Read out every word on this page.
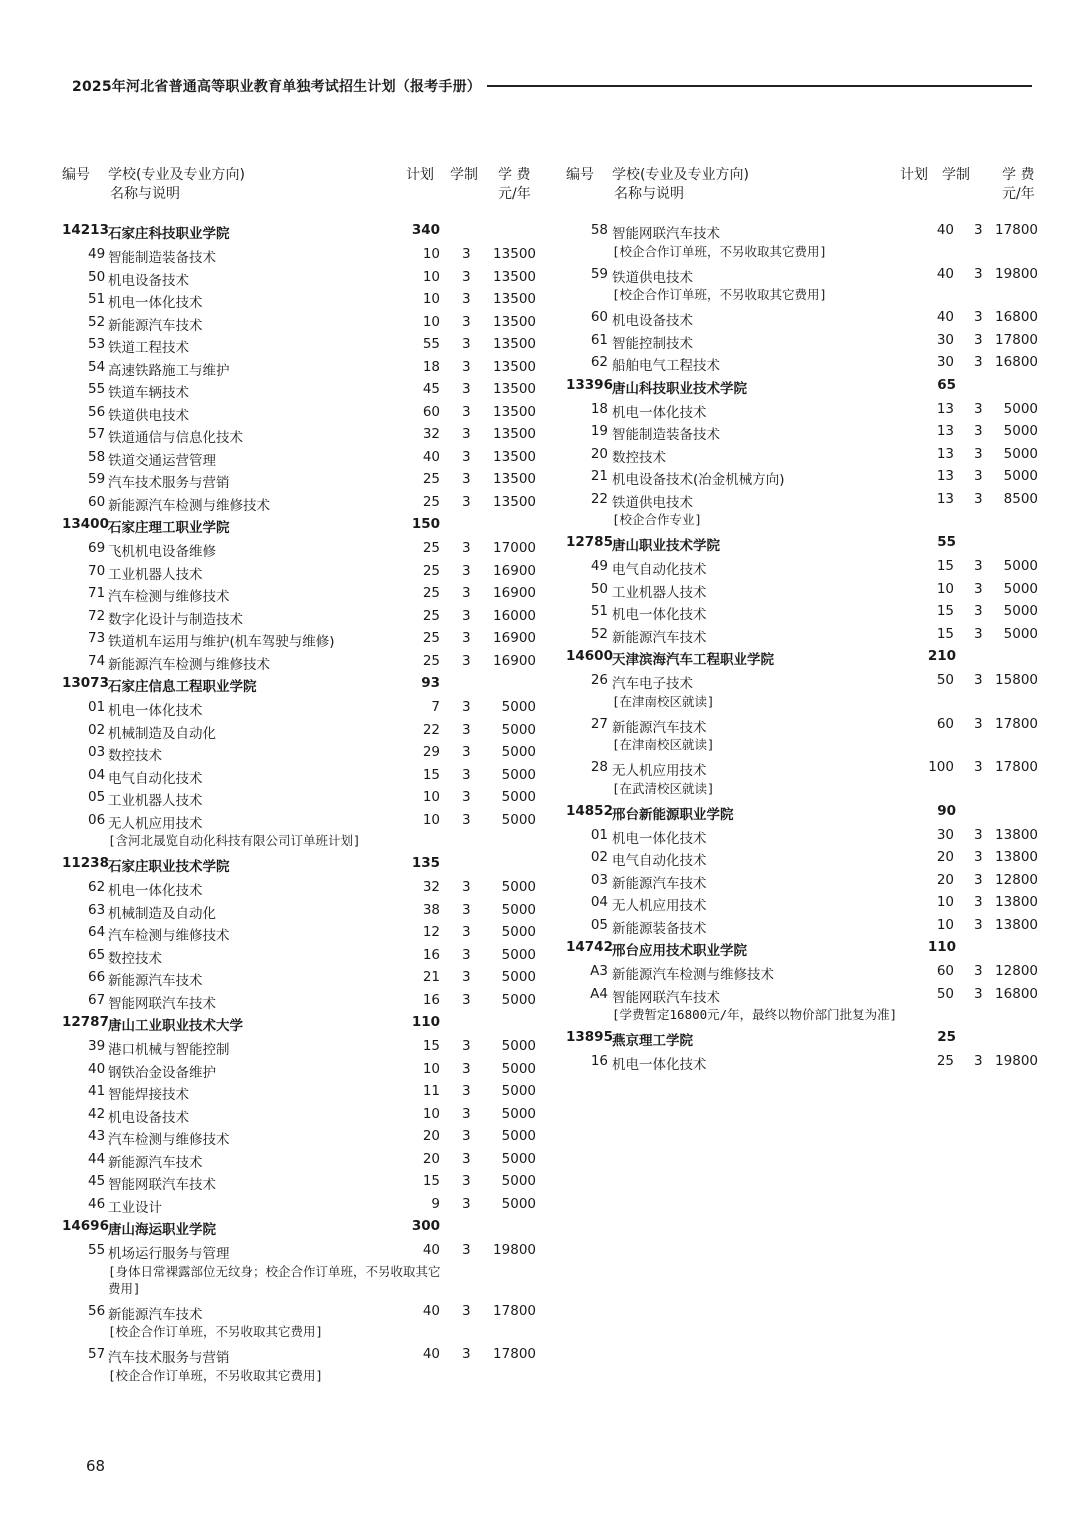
2025年河北省普通高等职业教育单独考试招生计划（报考手册）
编号 学校(专业及专业方向)
名称与说明
计划 学制 学 费
元/年
14213 石家庄科技职业学院	340
49 智能制造装备技术	10 3 13500
50 机电设备技术	10 3 13500
51 机电一体化技术	10 3 13500
52 新能源汽车技术	10 3 13500
53 铁道工程技术	55 3 13500
54 高速铁路施工与维护	18 3 13500
55 铁道车辆技术	45 3 13500
56 铁道供电技术	60 3 13500
57 铁道通信与信息化技术	32 3 13500
58 铁道交通运营管理	40 3 13500
59 汽车技术服务与营销	25 3 13500
60 新能源汽车检测与维修技术	25 3 13500
13400 石家庄理工职业学院	150
69 飞机机电设备维修	25 3 17000
70 工业机器人技术	25 3 16900
71 汽车检测与维修技术	25 3 16900
72 数字化设计与制造技术	25 3 16000
73 铁道机车运用与维护(机车驾驶与维修)	25 3 16900
74 新能源汽车检测与维修技术	25 3 16900
13073 石家庄信息工程职业学院	93
01 机电一体化技术	7 3 5000
02 机械制造及自动化	22 3 5000
03 数控技术	29 3 5000
04 电气自动化技术	15 3 5000
05 工业机器人技术	10 3 5000
06 无人机应用技术	10 3 5000
[含河北晟览自动化科技有限公司订单班计划]
11238 石家庄职业技术学院	135
62 机电一体化技术	32 3 5000
63 机械制造及自动化	38 3 5000
64 汽车检测与维修技术	12 3 5000
65 数控技术	16 3 5000
66 新能源汽车技术	21 3 5000
67 智能网联汽车技术	16 3 5000
12787 唐山工业职业技术大学	110
39 港口机械与智能控制	15 3 5000
40 钢铁冶金设备维护	10 3 5000
41 智能焊接技术	11 3 5000
42 机电设备技术	10 3 5000
43 汽车检测与维修技术	20 3 5000
44 新能源汽车技术	20 3 5000
45 智能网联汽车技术	15 3 5000
46 工业设计	9 3 5000
14696 唐山海运职业学院	300
55 机场运行服务与管理	40 3 19800
[身体日常裸露部位无纹身；校企合作订单班，不另收取其它费用]
56 新能源汽车技术	40 3 17800
[校企合作订单班，不另收取其它费用]
57 汽车技术服务与营销	40 3 17800
[校企合作订单班，不另收取其它费用]
编号 学校(专业及专业方向)
名称与说明
计划 学制 学 费
元/年
58 智能网联汽车技术	40 3 17800
[校企合作订单班，不另收取其它费用]
59 铁道供电技术	40 3 19800
[校企合作订单班，不另收取其它费用]
60 机电设备技术	40 3 16800
61 智能控制技术	30 3 17800
62 船舶电气工程技术	30 3 16800
13396 唐山科技职业技术学院	65
18 机电一体化技术	13 3 5000
19 智能制造装备技术	13 3 5000
20 数控技术	13 3 5000
21 机电设备技术(冶金机械方向)	13 3 5000
22 铁道供电技术	13 3 8500
[校企合作专业]
12785 唐山职业技术学院	55
49 电气自动化技术	15 3 5000
50 工业机器人技术	10 3 5000
51 机电一体化技术	15 3 5000
52 新能源汽车技术	15 3 5000
14600 天津滨海汽车工程职业学院	210
26 汽车电子技术	50 3 15800
[在津南校区就读]
27 新能源汽车技术	60 3 17800
[在津南校区就读]
28 无人机应用技术	100 3 17800
[在武清校区就读]
14852 邢台新能源职业学院	90
01 机电一体化技术	30 3 13800
02 电气自动化技术	20 3 13800
03 新能源汽车技术	20 3 12800
04 无人机应用技术	10 3 13800
05 新能源装备技术	10 3 13800
14742 邢台应用技术职业学院	110
A3 新能源汽车检测与维修技术	60 3 12800
A4 智能网联汽车技术	50 3 16800
[学费暂定16800元/年，最终以物价部门批复为准]
13895 燕京理工学院	25
16 机电一体化技术	25 3 19800
68
